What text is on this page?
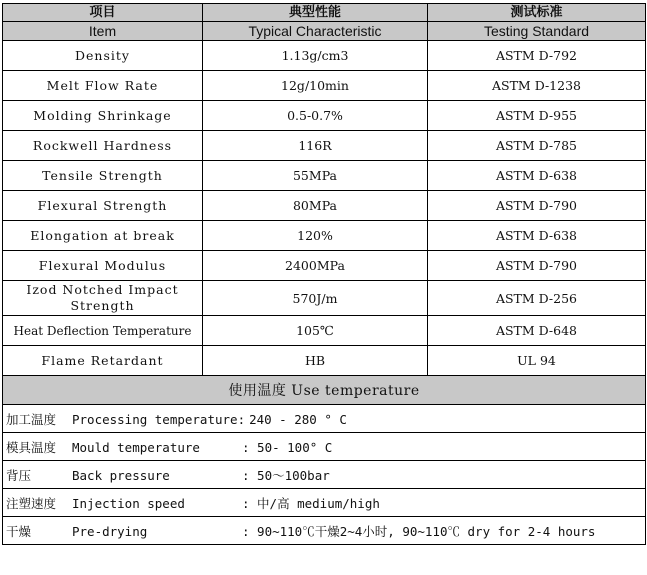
项目	典型性能	测试标准
Item	Typical Characteristic	Testing Standard
Density	1.13g/cm3	ASTM D-792
Melt Flow Rate	12g/10min	ASTM D-1238
Molding Shrinkage	0.5-0.7%	ASTM D-955
Rockwell Hardness	116R	ASTM D-785
Tensile Strength	55MPa	ASTM D-638
Flexural Strength	80MPa	ASTM D-790
Elongation at break	120%	ASTM D-638
Flexural Modulus	2400MPa	ASTM D-790
Izod Notched Impact Strength	570J/m	ASTM D-256
Heat Deflection Temperature	105℃	ASTM D-648
Flame Retardant	HB	UL 94
使用温度 Use temperature		
加工温度 Processing temperature: 240 - 280 ° C		
模具温度 Mould temperature : 50- 100° C		
背压 Back pressure : 50～100bar		
注塑速度 Injection speed : 中/高 medium/high		
干燥 Pre-drying : 90~110℃干燥2~4小时, 90~110℃ dry for 2-4 hours		
